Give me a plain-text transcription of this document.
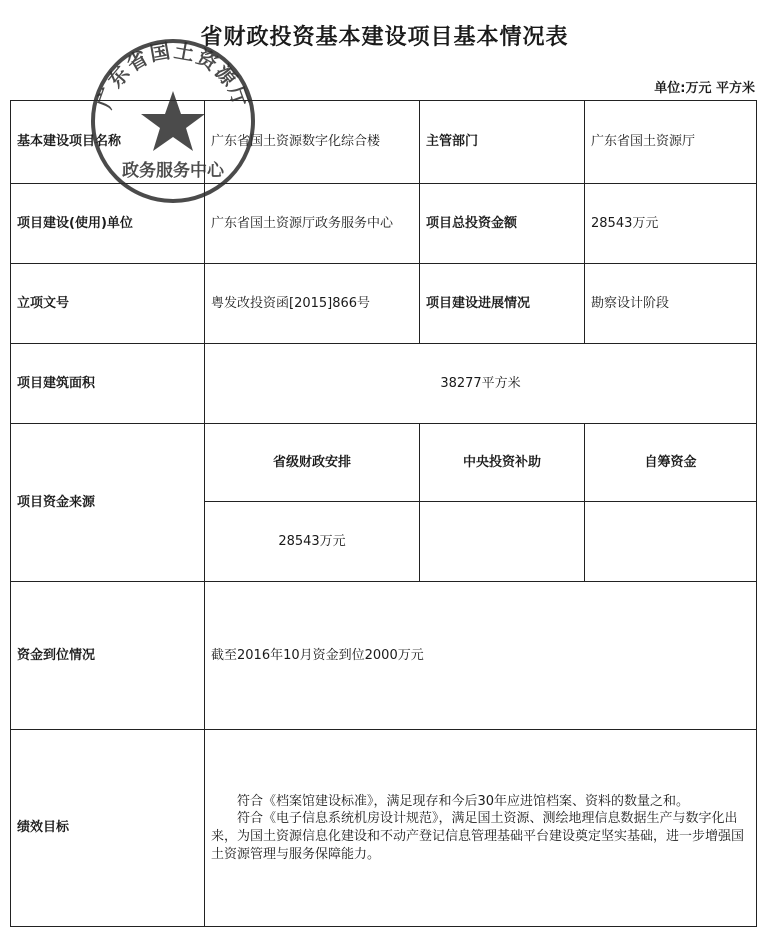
省财政投资基本建设项目基本情况表
单位:万元 平方米
基本建设项目名称	广东省国土资源数字化综合楼	主管部门	广东省国土资源厅
项目建设(使用)单位	广东省国土资源厅政务服务中心	项目总投资金额	28543万元
立项文号	粤发改投资函[2015]866号	项目建设进展情况	勘察设计阶段
项目建筑面积	38277平方米		
项目资金来源	省级财政安排	中央投资补助	自筹资金
	28543万元		
资金到位情况	截至2016年10月资金到位2000万元		
绩效目标	符合《档案馆建设标准》，满足现存和今后30年应进馆档案、资料的数量之和。

符合《电子信息系统机房设计规范》，满足国土资源、测绘地理信息数据生产与数字化出来，为国土资源信息化建设和不动产登记信息管理基础平台建设奠定坚实基础，进一步增强国土资源管理与服务保障能力。		

广东省国土资源厅
政务服务中心
